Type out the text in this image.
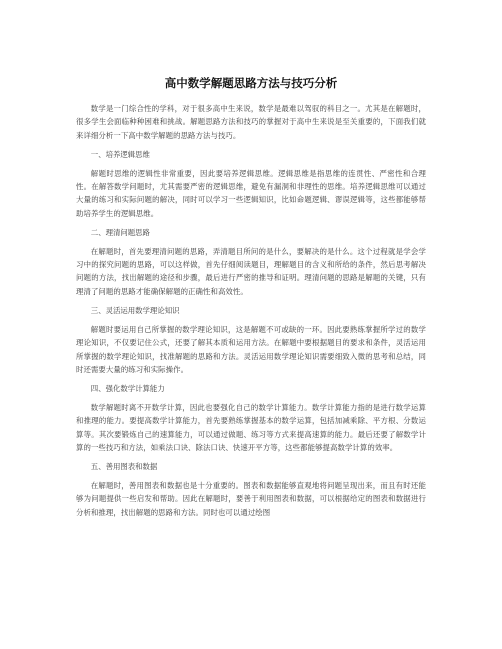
高中数学解题思路方法与技巧分析

数学是一门综合性的学科，对于很多高中生来说，数学是最难以驾驭的科目之一。尤其是在解题时，很多学生会面临种种困难和挑战。解题思路方法和技巧的掌握对于高中生来说是至关重要的，下面我们就来详细分析一下高中数学解题的思路方法与技巧。

一、培养逻辑思维

解题时思维的逻辑性非常重要，因此要培养逻辑思维。逻辑思维是指思维的连贯性、严密性和合理性。在解答数学问题时，尤其需要严密的逻辑思维，避免有漏洞和非理性的思维。培养逻辑思维可以通过大量的练习和实际问题的解决，同时可以学习一些逻辑知识，比如命题逻辑、谬误逻辑等，这些都能够帮助培养学生的逻辑思维。

二、理清问题思路

在解题时，首先要理清问题的思路，弄清题目所问的是什么，要解决的是什么。这个过程就是学会学习中的探究问题的思路，可以这样做，首先仔细阅读题目，理解题目的含义和所给的条件，然后思考解决问题的方法，找出解题的途径和步骤，最后进行严密的推导和证明。理清问题的思路是解题的关键，只有理清了问题的思路才能确保解题的正确性和高效性。

三、灵活运用数学理论知识

解题时要运用自己所掌握的数学理论知识，这是解题不可或缺的一环。因此要熟练掌握所学过的数学理论知识，不仅要记住公式，还要了解其本质和运用方法。在解题中要根据题目的要求和条件，灵活运用所掌握的数学理论知识，找准解题的思路和方法。灵活运用数学理论知识需要细致入微的思考和总结，同时还需要大量的练习和实际操作。

四、强化数学计算能力

数学解题时离不开数学计算，因此也要强化自己的数学计算能力。数学计算能力指的是进行数学运算和推理的能力。要提高数学计算能力，首先要熟练掌握基本的数学运算，包括加减乘除、平方根、分数运算等。其次要锻炼自己的速算能力，可以通过做题、练习等方式来提高速算的能力。最后还要了解数学计算的一些技巧和方法，如乘法口诀、除法口诀、快速开平方等，这些都能够提高数学计算的效率。

五、善用图表和数据

在解题时，善用图表和数据也是十分重要的。图表和数据能够直观地将问题呈现出来，而且有时还能够为问题提供一些启发和帮助。因此在解题时，要善于利用图表和数据，可以根据给定的图表和数据进行分析和推理，找出解题的思路和方法。同时也可以通过绘图
